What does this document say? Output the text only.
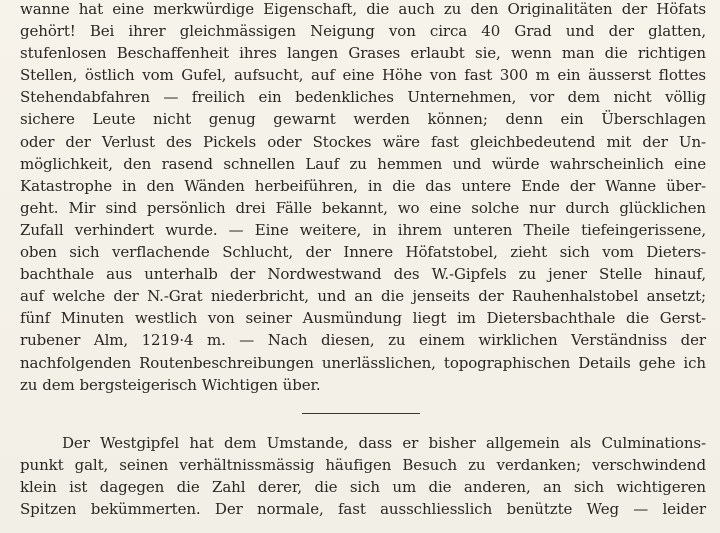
wanne hat eine merkwürdige Eigenschaft, die auch zu den Originalitäten der Höfats
gehört! Bei ihrer gleichmässigen Neigung von circa 40 Grad und der glatten,
stufenlosen Beschaffenheit ihres langen Grases erlaubt sie, wenn man die richtigen
Stellen, östlich vom Gufel, aufsucht, auf eine Höhe von fast 300 m ein äusserst flottes
Stehendabfahren — freilich ein bedenkliches Unternehmen, vor dem nicht völlig
sichere Leute nicht genug gewarnt werden können; denn ein Überschlagen
oder der Verlust des Pickels oder Stockes wäre fast gleichbedeutend mit der Un-
möglichkeit, den rasend schnellen Lauf zu hemmen und würde wahrscheinlich eine
Katastrophe in den Wänden herbeiführen, in die das untere Ende der Wanne über-
geht. Mir sind persönlich drei Fälle bekannt, wo eine solche nur durch glücklichen
Zufall verhindert wurde. — Eine weitere, in ihrem unteren Theile tiefeingerissene,
oben sich verflachende Schlucht, der Innere Höfatstobel, zieht sich vom Dieters-
bachthale aus unterhalb der Nordwestwand des W.-Gipfels zu jener Stelle hinauf,
auf welche der N.-Grat niederbricht, und an die jenseits der Rauhenhalstobel ansetzt;
fünf Minuten westlich von seiner Ausmündung liegt im Dietersbachthale die Gerst-
rubener Alm, 1219·4 m. — Nach diesen, zu einem wirklichen Verständniss der
nachfolgenden Routenbeschreibungen unerlässlichen, topographischen Details gehe ich
zu dem bergsteigerisch Wichtigen über.
Der Westgipfel hat dem Umstande, dass er bisher allgemein als Culminations-
punkt galt, seinen verhältnissmässig häufigen Besuch zu verdanken; verschwindend
klein ist dagegen die Zahl derer, die sich um die anderen, an sich wichtigeren
Spitzen bekümmerten. Der normale, fast ausschliesslich benützte Weg — leider
